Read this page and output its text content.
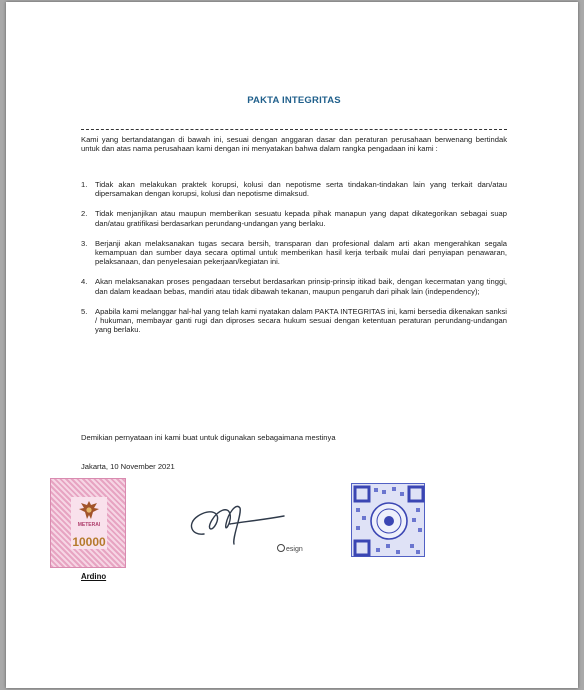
PAKTA INTEGRITAS
Kami yang bertandatangan di bawah ini, sesuai dengan anggaran dasar dan peraturan perusahaan berwenang bertindak untuk dan atas nama perusahaan kami dengan ini menyatakan bahwa dalam rangka pengadaan ini kami :
1. Tidak akan melakukan praktek korupsi, kolusi dan nepotisme serta tindakan-tindakan lain yang terkait dan/atau dipersamakan dengan korupsi, kolusi dan nepotisme dimaksud.
2. Tidak menjanjikan atau maupun memberikan sesuatu kepada pihak manapun yang dapat dikategorikan sebagai suap dan/atau gratifikasi berdasarkan perundang-undangan yang berlaku.
3. Berjanji akan melaksanakan tugas secara bersih, transparan dan profesional dalam arti akan mengerahkan segala kemampuan dan sumber daya secara optimal untuk memberikan hasil kerja terbaik mulai dari penyiapan penawaran, pelaksanaan, dan penyelesaian pekerjaan/kegiatan ini.
4. Akan melaksanakan proses pengadaan tersebut berdasarkan prinsip-prinsip itikad baik, dengan kecermatan yang tinggi, dan dalam keadaan bebas, mandiri atau tidak dibawah tekanan, maupun pengaruh dari pihak lain (independency);
5. Apabila kami melanggar hal-hal yang telah kami nyatakan dalam PAKTA INTEGRITAS ini, kami bersedia dikenakan sanksi / hukuman, membayar ganti rugi dan diproses secara hukum sesuai dengan ketentuan peraturan perundang-undangan yang berlaku.
Demikian pernyataan ini kami buat untuk digunakan sebagaimana mestinya
Jakarta, 10 November 2021
METERAI
10000
esign
Ardino
